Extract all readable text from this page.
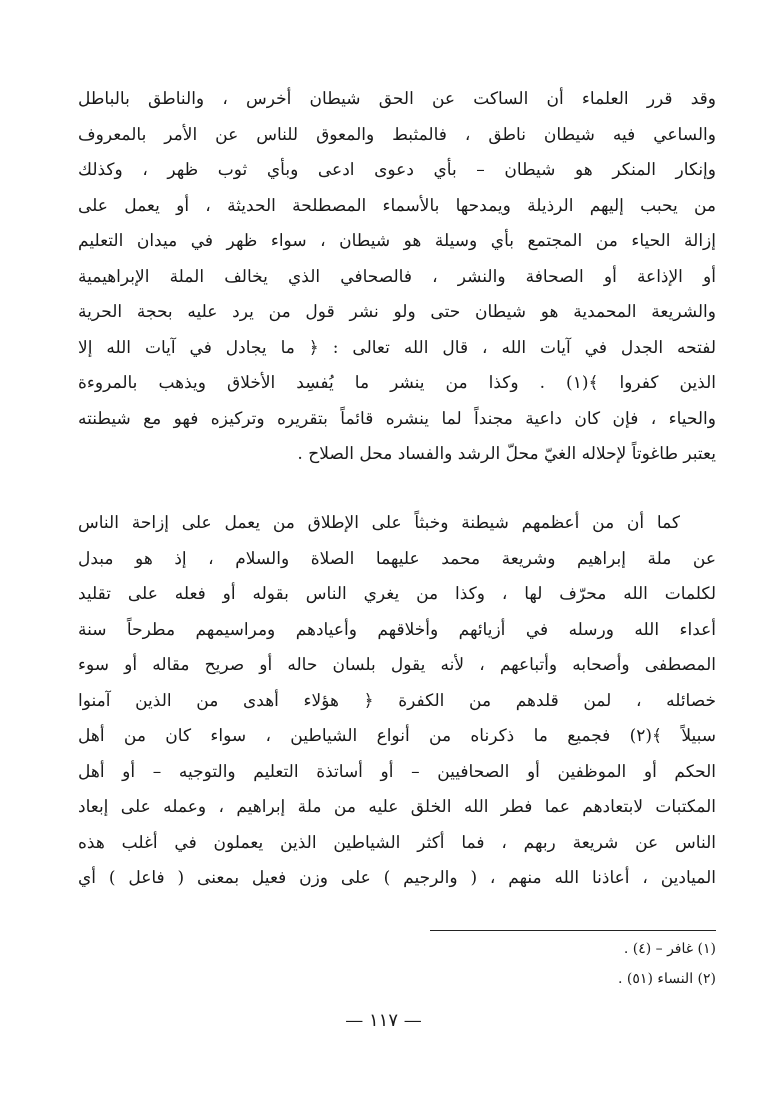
وقد قرر العلماء أن الساكت عن الحق شيطان أخرس ، والناطق بالباطل
والساعي فيه شيطان ناطق ، فالمثبط والمعوق للناس عن الأمر بالمعروف
وإنكار المنكر هو شيطان – بأي دعوى ادعى وبأي ثوب ظهر ، وكذلك
من يحبب إليهم الرذيلة ويمدحها بالأسماء المصطلحة الحديثة ، أو يعمل على
إزالة الحياء من المجتمع بأي وسيلة هو شيطان ، سواء ظهر في ميدان التعليم
أو الإذاعة أو الصحافة والنشر ، فالصحافي الذي يخالف الملة الإبراهيمية
والشريعة المحمدية هو شيطان حتى ولو نشر قول من يرد عليه بحجة الحرية
لفتحه الجدل في آيات الله ، قال الله تعالى : ﴿ ما يجادل في آيات الله إلا
الذين كفروا ﴾(١) . وكذا من ينشر ما يُفسِد الأخلاق ويذهب بالمروءة
والحياء ، فإن كان داعية مجنداً لما ينشره قائماً بتقريره وتركيزه فهو مع شيطنته
يعتبر طاغوتاً لإحلاله الغيّ محلّ الرشد والفساد محل الصلاح .
كما أن من أعظمهم شيطنة وخبثاً على الإطلاق من يعمل على إزاحة الناس
عن ملة إبراهيم وشريعة محمد عليهما الصلاة والسلام ، إذ هو مبدل
لكلمات الله محرّف لها ، وكذا من يغري الناس بقوله أو فعله على تقليد
أعداء الله ورسله في أزيائهم وأخلاقهم وأعيادهم ومراسيمهم مطرحاً سنة
المصطفى وأصحابه وأتباعهم ، لأنه يقول بلسان حاله أو صريح مقاله أو سوء
خصائله ، لمن قلدهم من الكفرة ﴿ هؤلاء أهدى من الذين آمنوا
سبيلاً ﴾(٢) فجميع ما ذكرناه من أنواع الشياطين ، سواء كان من أهل
الحكم أو الموظفين أو الصحافيين – أو أساتذة التعليم والتوجيه – أو أهل
المكتبات لابتعادهم عما فطر الله الخلق عليه من ملة إبراهيم ، وعمله على إبعاد
الناس عن شريعة ربهم ، فما أكثر الشياطين الذين يعملون في أغلب هذه
الميادين ، أعاذنا الله منهم ، ( والرجيم ) على وزن فعيل بمعنى ( فاعل ) أي
(١) غافر – (٤) .
(٢) النساء (٥١) .
— ١١٧ —
